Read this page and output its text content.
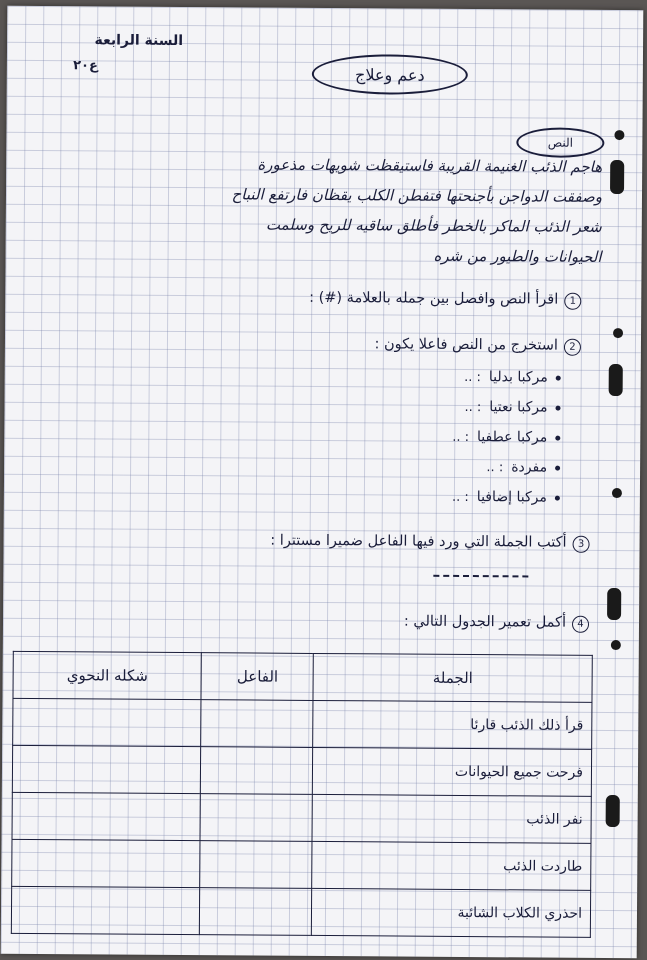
السنة الرابعة
ع٢٠	دعم وعلاج
النص
هاجم الذئب الغنيمة القريبة فاستيقظت شويهات مذعورة
وصفقت الدواجن بأجنحتها فتفطن الكلب يقظان فارتفع النباح
شعر الذئب الماكر بالخطر فأطلق ساقيه للريح وسلمت
الحيوانات والطيور من شره
1اقرأ النص وافصل بين جمله بالعلامة (#) :
2استخرج من النص فاعلا يكون :
مركبا بدليا: ..
مركبا نعتيا: ..
مركبا عطفيا: ..
مفردة: ..
مركبا إضافيا: ..
3أكتب الجملة التي ورد فيها الفاعل ضميرا مستترا :
4أكمل تعمير الجدول التالي :
الجملة	الفاعل	شكله النحوي
قرأ ذلك الذئب قارئا		
فرحت جميع الحيوانات		
نفر الذئب		
طاردت الذئب		
احذري الكلاب الشائبة		
